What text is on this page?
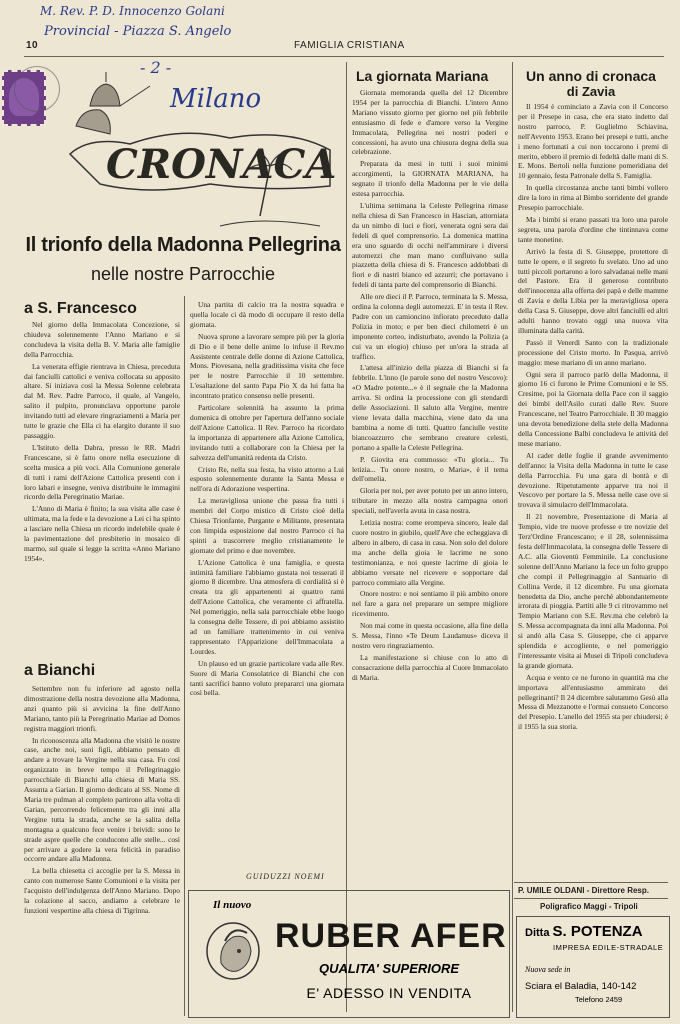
M. Rev. P. D. Innocenzo Golani
Provincial - Piazza S. Angelo
- 2 -
Milano
10	FAMIGLIA CRISTIANA
CRONACA
Il trionfo della Madonna Pellegrina
nelle nostre Parrocchie
a S. Francesco

Nel giorno della Immacolata Concezione, si chiudeva solennemente l'Anno Mariano e si concludeva la visita della B. V. Maria alle famiglie della Parrocchia.

La venerata effigie rientrava in Chiesa, preceduta dai fanciulli cattolici e veniva collocata su apposito altare. Si iniziava così la Messa Solenne celebrata dal M. Rev. Padre Parroco, il quale, al Vangelo, salito il pulpito, pronunciava opportune parole invitando tutti ad elevare ringraziamenti a Maria per tutte le grazie che Ella ci ha elargito durante il suo passaggio.

L'Istituto della Dabra, presso le RR. Madri Francescane, si è fatto onore nella esecuzione di scelta musica a più voci. Alla Comunione generale di tutti i rami dell'Azione Cattolica presenti con i loro labari e insegne, veniva distribuite le immagini ricordo della Peregrinatio Mariae.

L'Anno di Maria è finito; la sua visita alle case è ultimata, ma la fede e la devozione a Lei ci ha spinto a lasciare nella Chiesa un ricordo indelebile quale è la pavimentazione del presbiterio in mosaico di marmo, sul quale si legge la scritta «Anno Mariano 1954».

a Bianchi

Settembre non fu inferiore ad agosto nella dimostrazione della nostra devozione alla Madonna, anzi quanto più si avvicina la fine dell'Anno Mariano, tanto più la Peregrinatio Mariae ad Domos registra maggiori trionfi.

In riconoscenza alla Madonna che visitò le nostre case, anche noi, suoi figli, abbiamo pensato di andare a trovare la Vergine nella sua casa. Fu così organizzato in breve tempo il Pellegrinaggio parrocchiale di Bianchi alla chiesa di Maria SS. Assunta a Garian. Il giorno dedicato al SS. Nome di Maria tre pulman al completo partirono alla volta di Garian, percorrendo felicemente tra gli inni alla Vergine tutta la strada, anche se la salita della montagna a qualcuno fece venire i brividi: sono le strade aspre quelle che conducono alle stelle... così per arrivare a godere la vera felicità in paradiso occorre andare alla Madonna.

La bella chiesetta ci accoglie per la S. Messa in canto con numerose Sante Comunioni e la visita per l'acquisto dell'indulgenza dell'Anno Mariano. Dopo la colazione al sacco, andiamo a celebrare le funzioni vespertine alla chiesa di Tigrinna.

Una partita di calcio tra la nostra squadra e quella locale ci dà modo di occupare il resto della giornata.

Nuova sprone a lavorare sempre più per la gloria di Dio e il bene delle anime lo infuse il Rev.mo Assistente centrale delle donne di Azione Cattolica, Mons. Piovesana, nella graditissima visita che fece per le nostre Parrocchie il 10 settembre. L'esaltazione del santo Papa Pio X da lui fatta ha incontrato pratico consenso nelle presenti.

Particolare solennità ha assunto la prima domenica di ottobre per l'apertura dell'anno sociale dell'Azione Cattolica. Il Rev. Parroco ha ricordato la importanza di appartenere alla Azione Cattolica, invitando tutti a collaborare con la Chiesa per la salvezza dell'umanità redenta da Cristo.

Cristo Re, nella sua festa, ha visto attorno a Lui esposto solennemente durante la Santa Messa e nell'ora di Adorazione vespertina.

La meravigliosa unione che passa fra tutti i membri del Corpo mistico di Cristo cioè della Chiesa Trionfante, Purgante e Militante, presentata con limpida esposizione dal nostro Parroco ci ha spinti a trascorrere meglio cristianamente le giornate del primo e due novembre.

L'Azione Cattolica è una famiglia, e questa intimità familiare l'abbiamo gustata noi tesserati il giorno 8 dicembre. Una atmosfera di cordialità si è creata tra gli appartenenti ai quattro rami dell'Azione Cattolica, che veramente ci affratella. Nel pomeriggio, nella sala parrocchiale ebbe luogo la consegna delle Tessere, di poi abbiamo assistito ad un familiare trattenimento in cui veniva rappresentato l'Apparizione dell'Immacolata a Lourdes.

Un plauso ed un grazie particolare vada alle Rev. Suore di Maria Consolatrice di Bianchi che con tanti sacrifici hanno voluto prepararci una giornata così bella.

GUIDUZZI NOEMI
La giornata Mariana

Giornata memoranda quella del 12 Dicembre 1954 per la parrocchia di Bianchi. L'intero Anno Mariano vissuto giorno per giorno nel più febbrile entusiasmo di fede e d'amore verso la Vergine Immacolata, Pellegrina nei nostri poderi e concessioni, ha avuto una chiusura degna della sua celebrazione.

Preparata da mesi in tutti i suoi minimi accorgimenti, la GIORNATA MARIANA, ha segnato il trionfo della Madonna per le vie della estesa parrocchia.

L'ultima settimana la Celeste Pellegrina rimase nella chiesa di San Francesco in Hascian, attorniata da un nimbo di luci e fiori, venerata ogni sera dai fedeli di quel comprensorio. La domenica mattina era uno sguardo di occhi nell'ammirare i diversi automezzi che man mano confluivano sulla piazzetta della chiesa di S. Francesco addobbati di fiori e di nastri bianco ed azzurri; che portavano i fedeli di tanta parte del comprensorio di Bianchi.

Alle ore dieci il P. Parroco, terminata la S. Messa, ordina la colonna degli automezzi. E' in testa il Rev. Padre con un camioncino infiorato preceduto dalla Polizia in moto; e per ben dieci chilometri è un imponente corteo, indisturbato, avendo la Polizia (a cui va un elogio) chiuso per un'ora la strada al traffico.

L'attesa all'inizio della piazza di Bianchi si fa febbrile. L'inno (le parole sono del nostro Vescovo): «O Madre potente...» è il segnale che la Madonna arriva. Si ordina la processione con gli stendardi delle Associazioni. Il saluto alla Vergine, mentre viene levata dalla macchina, viene dato da una bambina a nome di tutti. Quattro fanciulle vestite biancoazzurro che sembrano creature celesti, portano a spalle la Celeste Pellegrina.

P. Giovita era commosso: «Tu gloria... Tu letizia... Tu onore nostro, o Maria», è il tema dell'omelia.

Gloria per noi, per aver potuto per un anno intero, tributare in mezzo alla nostra campagna onori speciali, nell'averla avuta in casa nostra.

Letizia nostra: come erompeva sincero, leale dal cuore nostro in giubilo, quell'Ave che echeggiava di albero in albero, di casa in casa. Non solo del dolore ma anche della gioia le lacrime ne sono testimonianza, e noi queste lacrime di gioia le abbiamo versate nel ricevere e sopportare dal parroco commiato alla Vergine.

Onore nostro: e noi sentiamo il più ambito onore nel fare a gara nel preparare un sempre migliore ricevimento.

Non mai come in questa occasione, alla fine della S. Messa, l'inno «Te Deum Laudamus» diceva il nostro vero ringraziamento.

La manifestazione si chiuse con lo atto di consacrazione della parrocchia al Cuore Immacolato di Maria.

Un anno di cronaca
di Zavia

Il 1954 è cominciato a Zavia con il Concorso per il Presepe in casa, che era stato indetto dal nostro parroco, P. Guglielmo Schiavina, nell'Avvento 1953. Erano bei presepi e tutti, anche i meno fortunati a cui non toccarono i premi di merito, ebbero il premio di fedeltà dalle mani di S. E. Mons. Bertoli nella funzione pomeridiana del 10 gennaio, festa Patronale della S. Famiglia.

In quella circostanza anche tanti bimbi vollero dire la loro in rima al Bimbo sorridente del grande Presepio parrocchiale.

Ma i bimbi si erano passati tra loro una parole segreta, una parola d'ordine che tintinnava come tante monetine.

Arrivò la festa di S. Giuseppe, protettore di tutte le opere, e il segreto fu svelato. Uno ad uno tutti piccoli portarono a loro salvadanai nelle mani del Pastore. Era il generoso contributo dell'innocenza alla offerta dei papà e delle mamme di Zavia e della Libia per la meravigliosa opera della Casa S. Giuseppe, dove altri fanciulli ed altri adulti hanno trovato oggi una nuova vita illuminata dalla carità.

Passò il Venerdì Santo con la tradizionale processione del Cristo morto. In Pasqua, arrivò maggio: mese mariano di un anno mariano.

Ogni sera il parroco parlò della Madonna, il giorno 16 ci furono le Prime Comunioni e le SS. Cresime, poi la Giornata della Pace con il saggio dei bimbi dell'Asilo curati dalle Rev. Suore Francescane, nel Teatro Parrocchiale. Il 30 maggio una devota benedizione della stele della Madonna della Concessione Balbi concludeva le attività del mese mariano.

Al cader delle foglie il grande avvenimento dell'anno: la Visita della Madonna in tutte le case della Parrocchia. Fu una gara di bontà e di devozione. Ripetutamente apparve tra noi il Vescovo per portare la S. Messa nelle case ove si trovava il simulacro dell'Immacolata.

Il 21 novembre, Presentazione di Maria al Tempio, vide tre nuove professe e tre novizie del Terz'Ordine Francescano; e il 28, solennissima festa dell'Immacolata, la consegna delle Tessere di A.C. alla Gioventù Femminile. La conclusione solenne dell'Anno Mariano la fece un folto gruppo che compì il Pellegrinaggio al Santuario di Collina Verde, il 12 dicembre. Fu una giornata benedetta da Dio, anche perchè abbondantemente irrorata di pioggia. Partiti alle 9 ci ritrovammo nel Tempio Mariano con S.E. Rev.ma che celebrò la S. Messa accompagnata da inni alla Madonna. Poi si andò alla Casa S. Giuseppe, che ci apparve splendida e accogliente, e nel pomeriggio l'interessante visita ai Musei di Tripoli concludeva la grande giornata.

Acqua e vento ce ne furono in quantità ma che importava all'entusiasmo ammirato dei pellegrinanti? Il 24 dicembre salutammo Gesù alla Messa di Mezzanotte e l'ormai consueto Concorso del Presepio. L'anello del 1955 sta per chiudersi; è il 1955 la sua storia.

P. UMILE OLDANI - Direttore Resp.
Poligrafico Maggi - Tripoli
Ditta S. POTENZA
IMPRESA EDILE-STRADALE
Nuova sede in
Sciara el Baladia, 140-142
Telefono 2459
Il nuovo
RUBER AFER
QUALITA' SUPERIORE
E' ADESSO IN VENDITA
